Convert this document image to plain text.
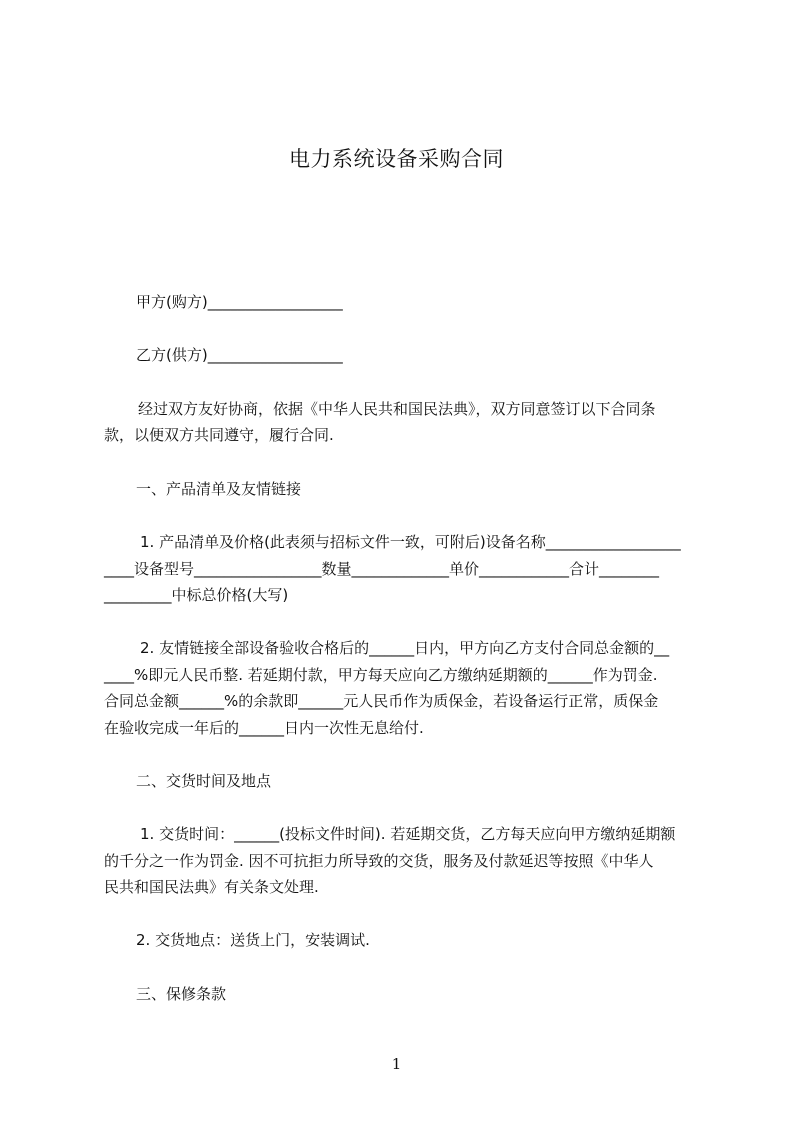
电力系统设备采购合同
甲方(购方)__________________
乙方(供方)__________________
经过双方友好协商，依据《中华人民共和国民法典》，双方同意签订以下合同条
款，以便双方共同遵守，履行合同.
一、产品清单及友情链接
1. 产品清单及价格(此表须与招标文件一致，可附后)设备名称__________________
____设备型号_________________数量_____________单价____________合计________
_________中标总价格(大写)
2. 友情链接全部设备验收合格后的______日内，甲方向乙方支付合同总金额的__
____%即元人民币整. 若延期付款，甲方每天应向乙方缴纳延期额的______作为罚金.
合同总金额______%的余款即______元人民币作为质保金，若设备运行正常，质保金
在验收完成一年后的______日内一次性无息给付.
二、交货时间及地点
1. 交货时间：______(投标文件时间). 若延期交货，乙方每天应向甲方缴纳延期额
的千分之一作为罚金. 因不可抗拒力所导致的交货，服务及付款延迟等按照《中华人
民共和国民法典》有关条文处理.
2. 交货地点：送货上门，安装调试.
三、保修条款
1
